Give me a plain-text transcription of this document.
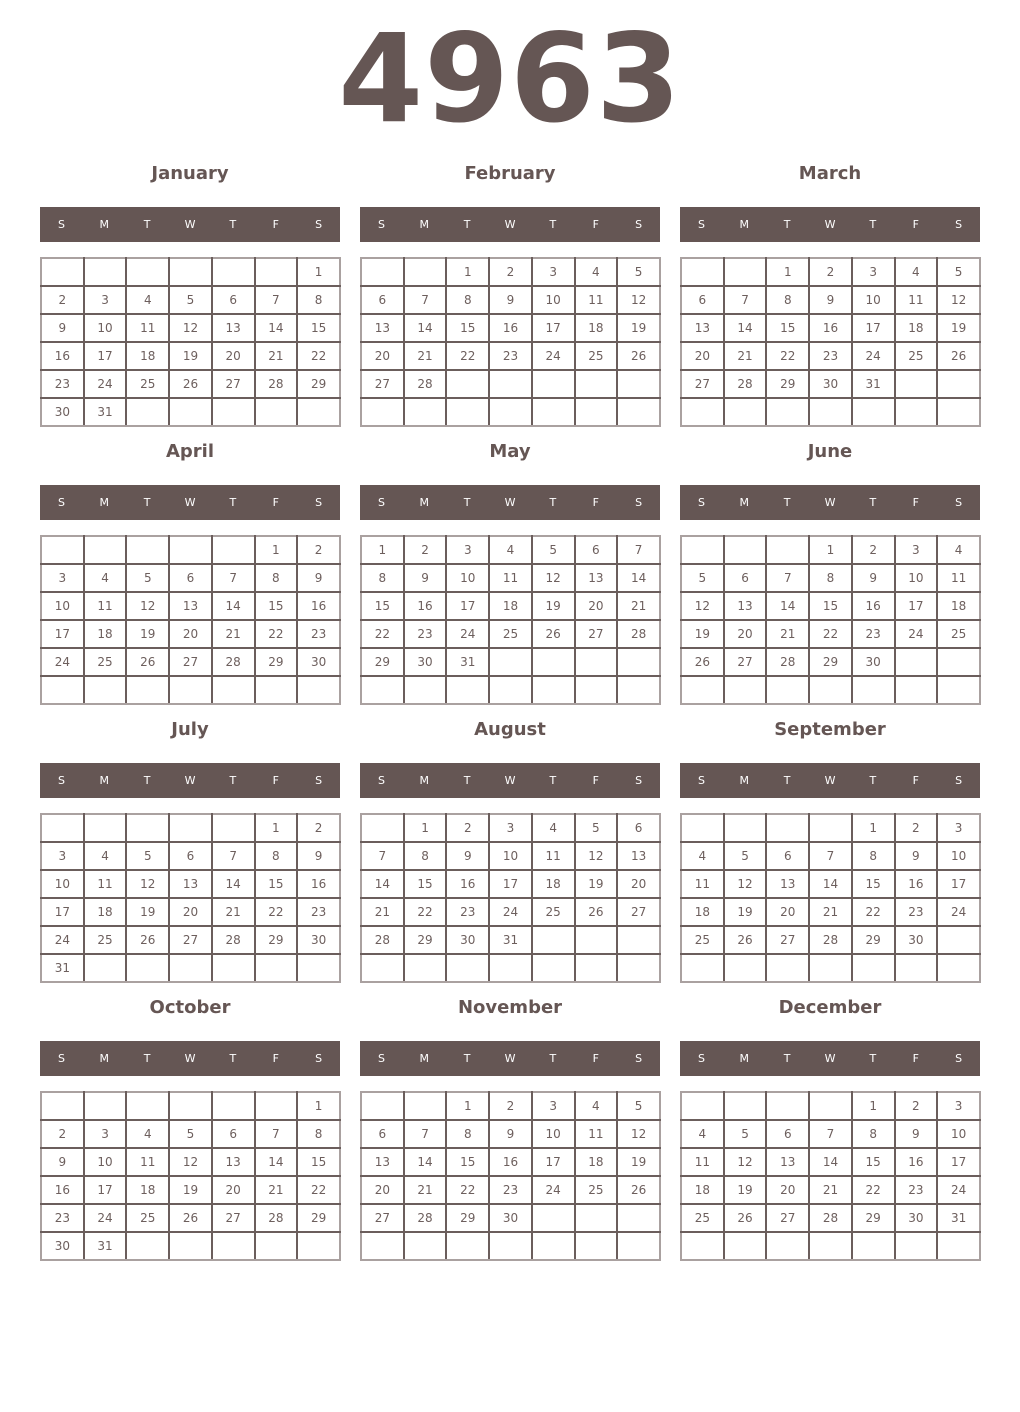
4963
January
S	M	T	W	T	F	S
						1
2	3	4	5	6	7	8
9	10	11	12	13	14	15
16	17	18	19	20	21	22
23	24	25	26	27	28	29
30	31					
February
S	M	T	W	T	F	S
		1	2	3	4	5
6	7	8	9	10	11	12
13	14	15	16	17	18	19
20	21	22	23	24	25	26
27	28					

March
S	M	T	W	T	F	S
		1	2	3	4	5
6	7	8	9	10	11	12
13	14	15	16	17	18	19
20	21	22	23	24	25	26
27	28	29	30	31		

April
S	M	T	W	T	F	S
					1	2
3	4	5	6	7	8	9
10	11	12	13	14	15	16
17	18	19	20	21	22	23
24	25	26	27	28	29	30

May
S	M	T	W	T	F	S
1	2	3	4	5	6	7
8	9	10	11	12	13	14
15	16	17	18	19	20	21
22	23	24	25	26	27	28
29	30	31				

June
S	M	T	W	T	F	S
			1	2	3	4
5	6	7	8	9	10	11
12	13	14	15	16	17	18
19	20	21	22	23	24	25
26	27	28	29	30		

July
S	M	T	W	T	F	S
					1	2
3	4	5	6	7	8	9
10	11	12	13	14	15	16
17	18	19	20	21	22	23
24	25	26	27	28	29	30
31						
August
S	M	T	W	T	F	S
	1	2	3	4	5	6
7	8	9	10	11	12	13
14	15	16	17	18	19	20
21	22	23	24	25	26	27
28	29	30	31			

September
S	M	T	W	T	F	S
				1	2	3
4	5	6	7	8	9	10
11	12	13	14	15	16	17
18	19	20	21	22	23	24
25	26	27	28	29	30	

October
S	M	T	W	T	F	S
						1
2	3	4	5	6	7	8
9	10	11	12	13	14	15
16	17	18	19	20	21	22
23	24	25	26	27	28	29
30	31					
November
S	M	T	W	T	F	S
		1	2	3	4	5
6	7	8	9	10	11	12
13	14	15	16	17	18	19
20	21	22	23	24	25	26
27	28	29	30			

December
S	M	T	W	T	F	S
				1	2	3
4	5	6	7	8	9	10
11	12	13	14	15	16	17
18	19	20	21	22	23	24
25	26	27	28	29	30	31
